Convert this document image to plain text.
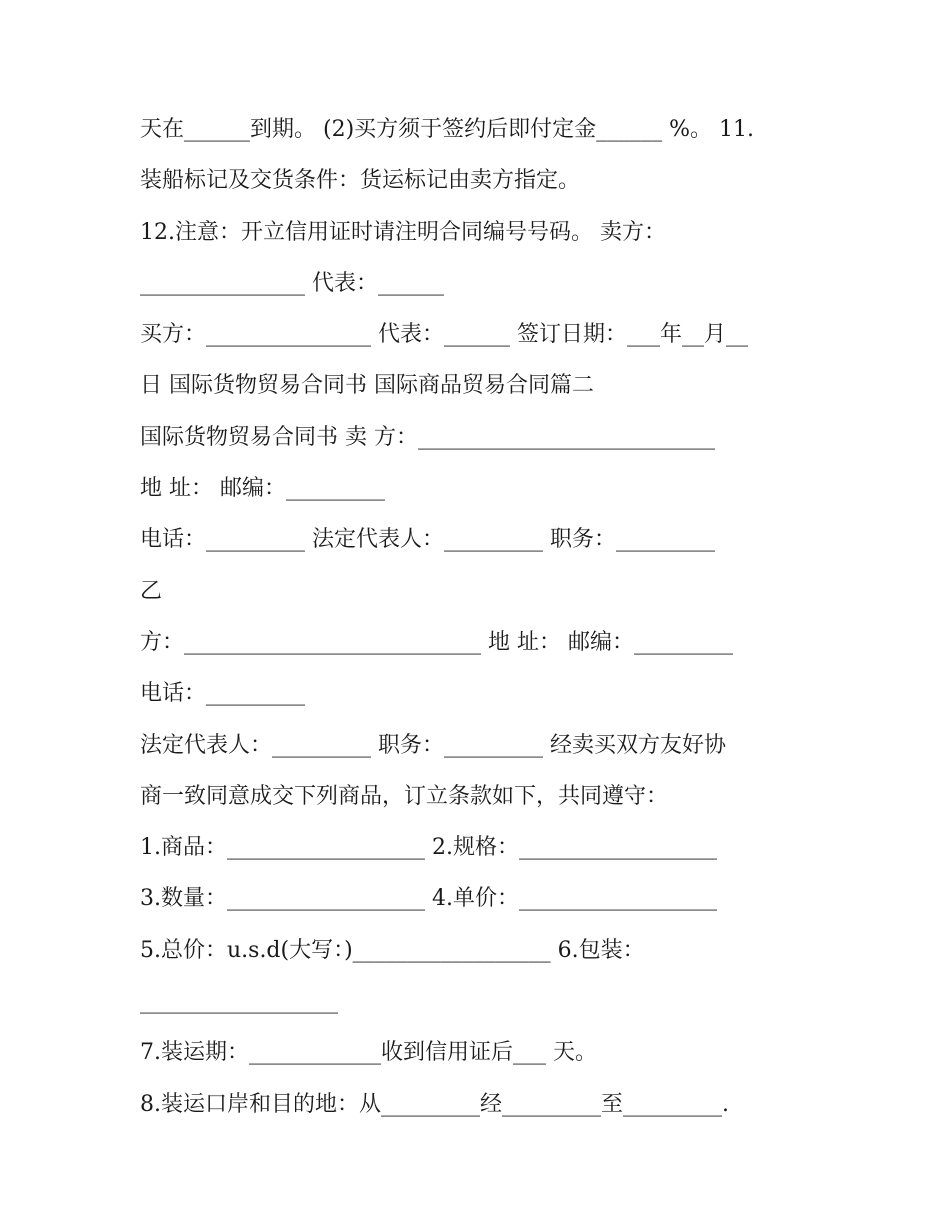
天在______到期。 (2)买方须于签约后即付定金______ %。 11.
装船标记及交货条件：货运标记由卖方指定。
12.注意：开立信用证时请注明合同编号号码。 卖方：
_______________ 代表：______
买方：_______________ 代表：______ 签订日期：___年__月__
日 国际货物贸易合同书 国际商品贸易合同篇二
国际货物贸易合同书 卖 方：___________________________
地 址： 邮编：_________
电话：_________ 法定代表人：_________ 职务：_________
乙
方：___________________________ 地 址： 邮编：_________
电话：_________
法定代表人：_________ 职务：_________ 经卖买双方友好协
商一致同意成交下列商品，订立条款如下，共同遵守：
1.商品：__________________ 2.规格：__________________
3.数量：__________________ 4.单价：__________________
5.总价：u.s.d(大写：)__________________ 6.包装：
__________________
7.装运期：____________收到信用证后___ 天。
8.装运口岸和目的地：从_________经_________至_________.
